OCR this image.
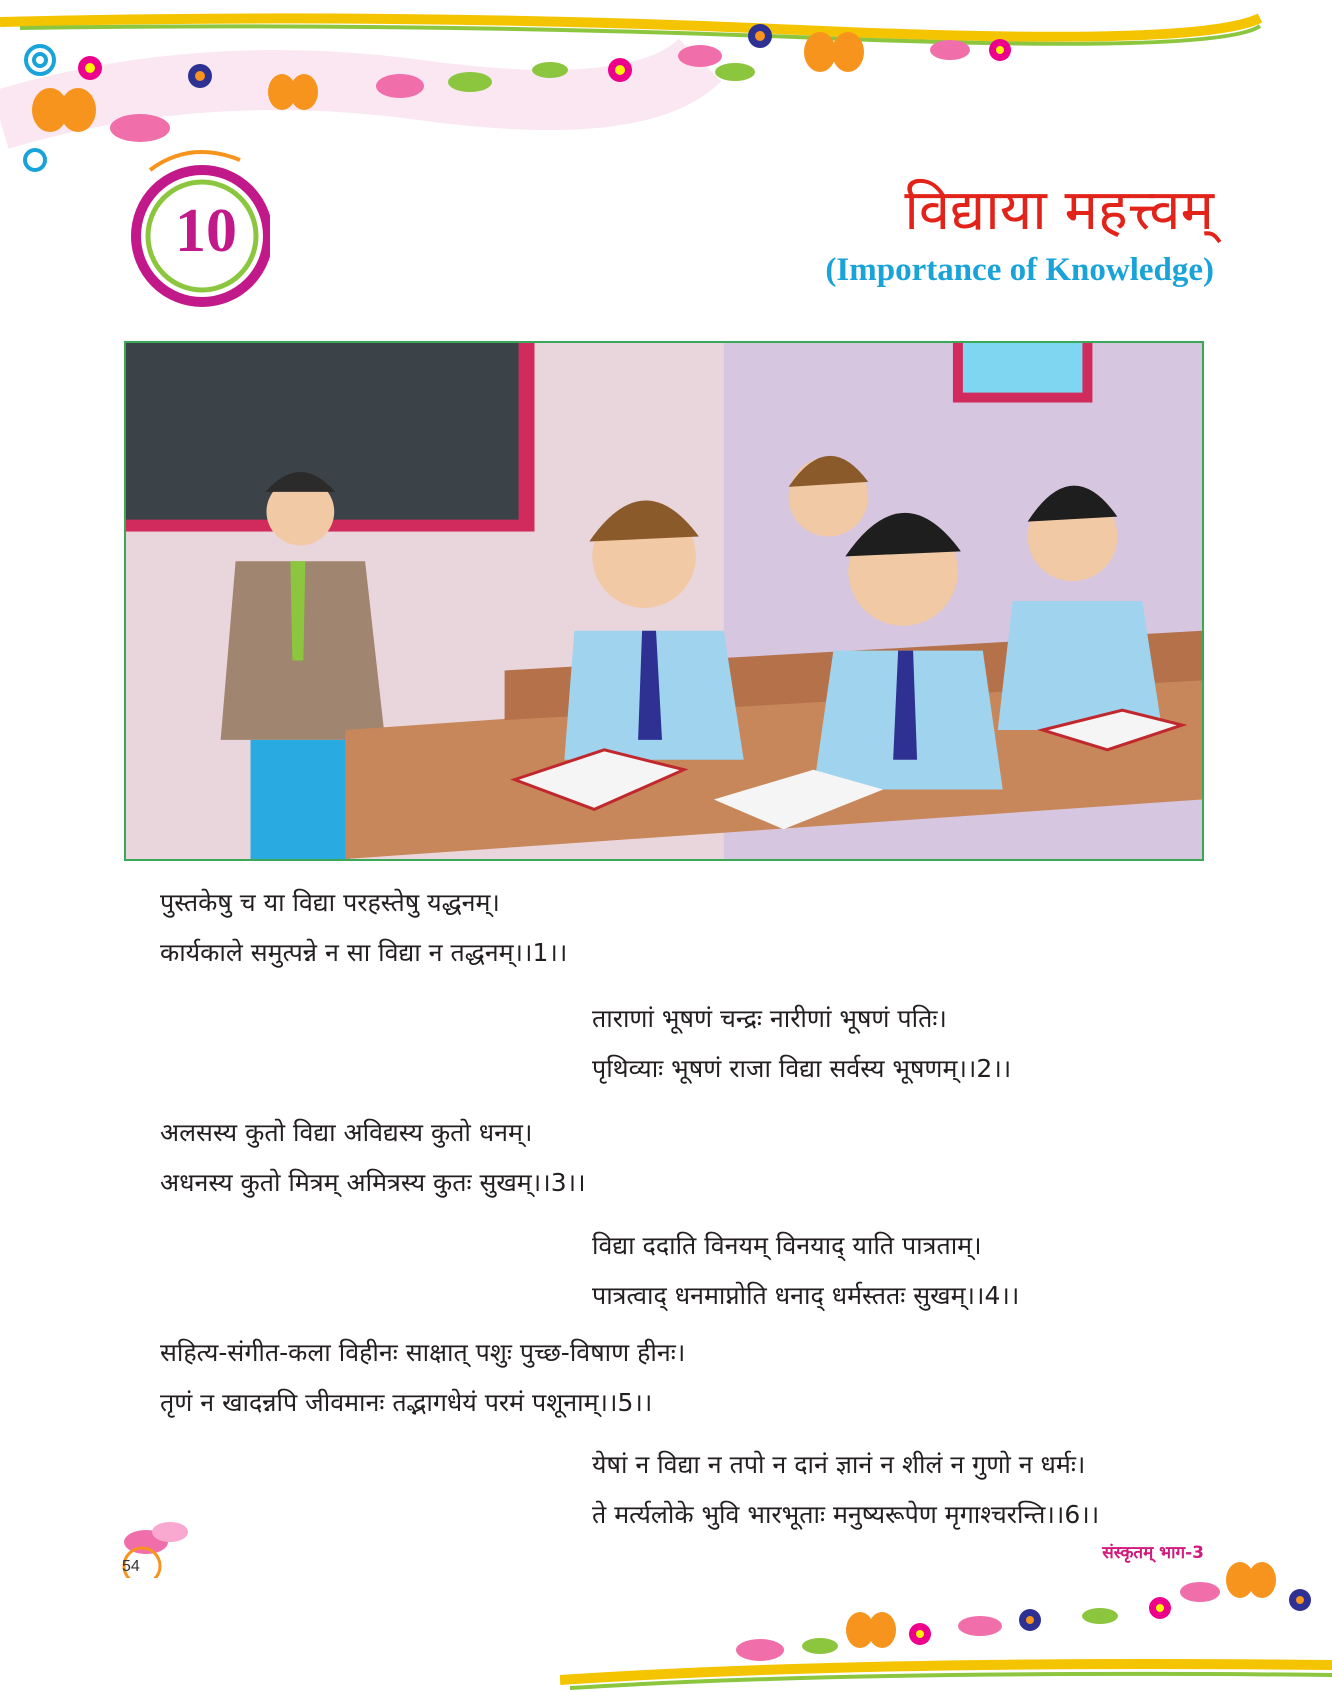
10	विद्याया महत्त्वम्
(Importance of Knowledge)
पुस्तकेषु च या विद्या परहस्तेषु यद्धनम्।
कार्यकाले समुत्पन्ने न सा विद्या न तद्धनम्।।1।।
ताराणां भूषणं चन्द्रः नारीणां भूषणं पतिः।
पृथिव्याः भूषणं राजा विद्या सर्वस्य भूषणम्।।2।।
अलसस्य कुतो विद्या अविद्यस्य कुतो धनम्।
अधनस्य कुतो मित्रम् अमित्रस्य कुतः सुखम्।।3।।
विद्या ददाति विनयम् विनयाद् याति पात्रताम्।
पात्रत्वाद् धनमाप्नोति धनाद् धर्मस्ततः सुखम्।।4।।
सहित्य-संगीत-कला विहीनः साक्षात् पशुः पुच्छ-विषाण हीनः।
तृणं न खादन्नपि जीवमानः तद्भागधेयं परमं पशूनाम्।।5।।
येषां न विद्या न तपो न दानं ज्ञानं न शीलं न गुणो न धर्मः।
ते मर्त्यलोके भुवि भारभूताः मनुष्यरूपेण मृगाश्चरन्ति।।6।।
54
संस्कृतम् भाग-3
